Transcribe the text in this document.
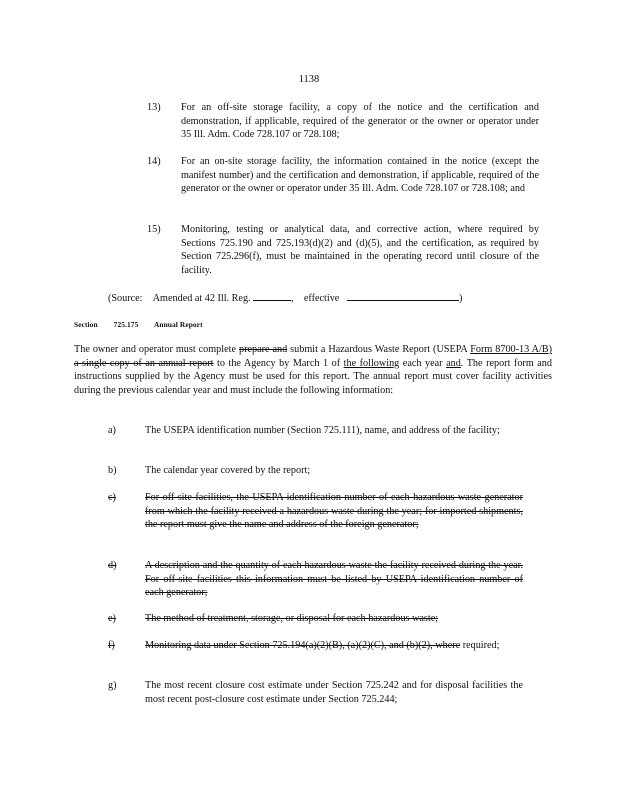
1138
13) For an off-site storage facility, a copy of the notice and the certification and demonstration, if applicable, required of the generator or the owner or operator under 35 Ill. Adm. Code 728.107 or 728.108;
14) For an on-site storage facility, the information contained in the notice (except the manifest number) and the certification and demonstration, if applicable, required of the generator or the owner or operator under 35 Ill. Adm. Code 728.107 or 728.108; and
15) Monitoring, testing or analytical data, and corrective action, where required by Sections 725.190 and 725.193(d)(2) and (d)(5), and the certification, as required by Section 725.296(f), must be maintained in the operating record until closure of the facility.
(Source: Amended at 42 Ill. Reg.	, effective	)
Section 725.175 Annual Report
The owner and operator must complete prepare and submit a Hazardous Waste Report (USEPA Form 8700-13 A/B) a single copy of an annual report to the Agency by March 1 of the following each year and. The report form and instructions supplied by the Agency must be used for this report. The annual report must cover facility activities during the previous calendar year and must include the following information:
a)	The USEPA identification number (Section 725.111), name, and address of the facility;
b)	The calendar year covered by the report;
c)	For off-site facilities, the USEPA identification number of each hazardous waste generator from which the facility received a hazardous waste during the year; for imported shipments, the report must give the name and address of the foreign generator;
d)	A description and the quantity of each hazardous waste the facility received during the year. For off-site facilities this information must be listed by USEPA identification number of each generator;
e)	The method of treatment, storage, or disposal for each hazardous waste;
f)	Monitoring data under Section 725.194(a)(2)(B), (a)(2)(C), and (b)(2), where required;
g)	The most recent closure cost estimate under Section 725.242 and for disposal facilities the most recent post-closure cost estimate under Section 725.244;
